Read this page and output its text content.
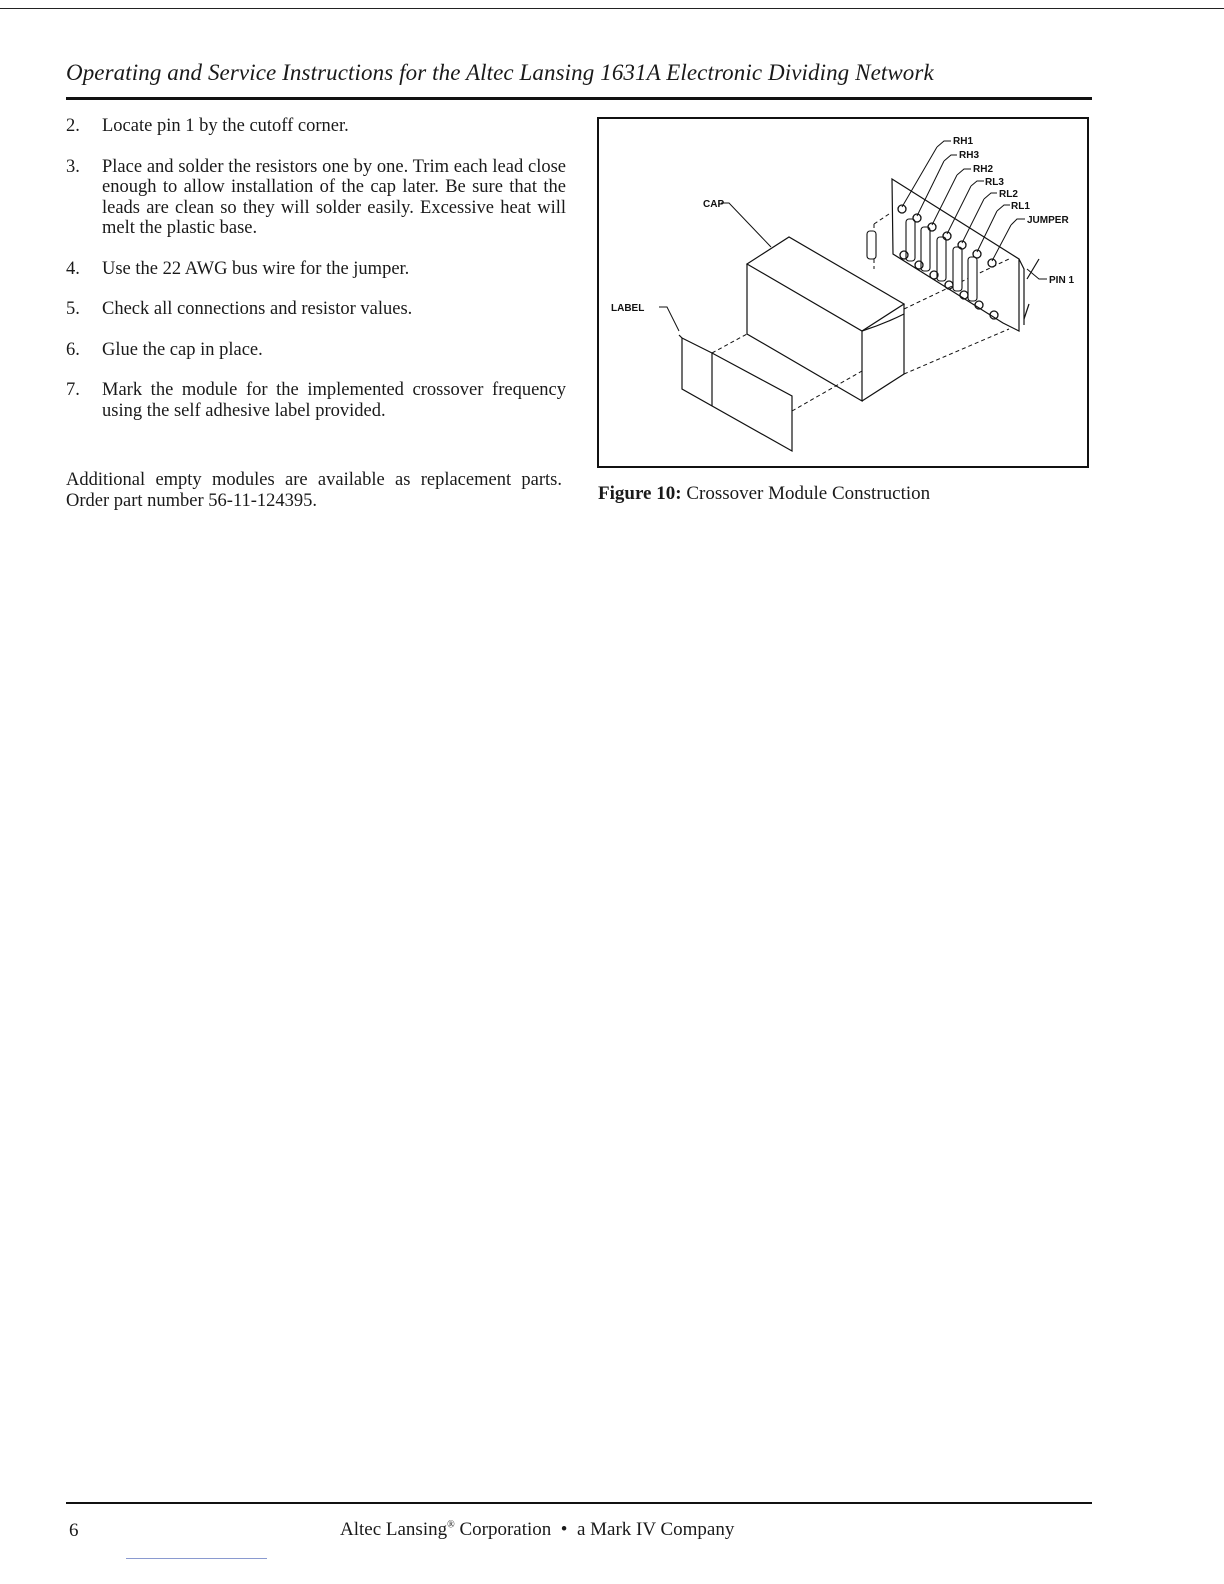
Operating and Service Instructions for the Altec Lansing 1631A Electronic Dividing Network
2.	Locate pin 1 by the cutoff corner.
3.	Place and solder the resistors one by one. Trim each lead close enough to allow installation of the cap later. Be sure that the leads are clean so they will solder easily. Excessive heat will melt the plastic base.
4.	Use the 22 AWG bus wire for the jumper.
5.	Check all connections and resistor values.
6.	Glue the cap in place.
7.	Mark the module for the implemented crossover frequency using the self adhesive label provided.
Additional empty modules are available as replacement parts. Order part number 56-11-124395.
RH1
RH3
RH2
RL3
RL2
RL1
JUMPER
PIN 1
CAP
LABEL
Figure 10: Crossover Module Construction
6	Altec Lansing® Corporation  •  a Mark IV Company
